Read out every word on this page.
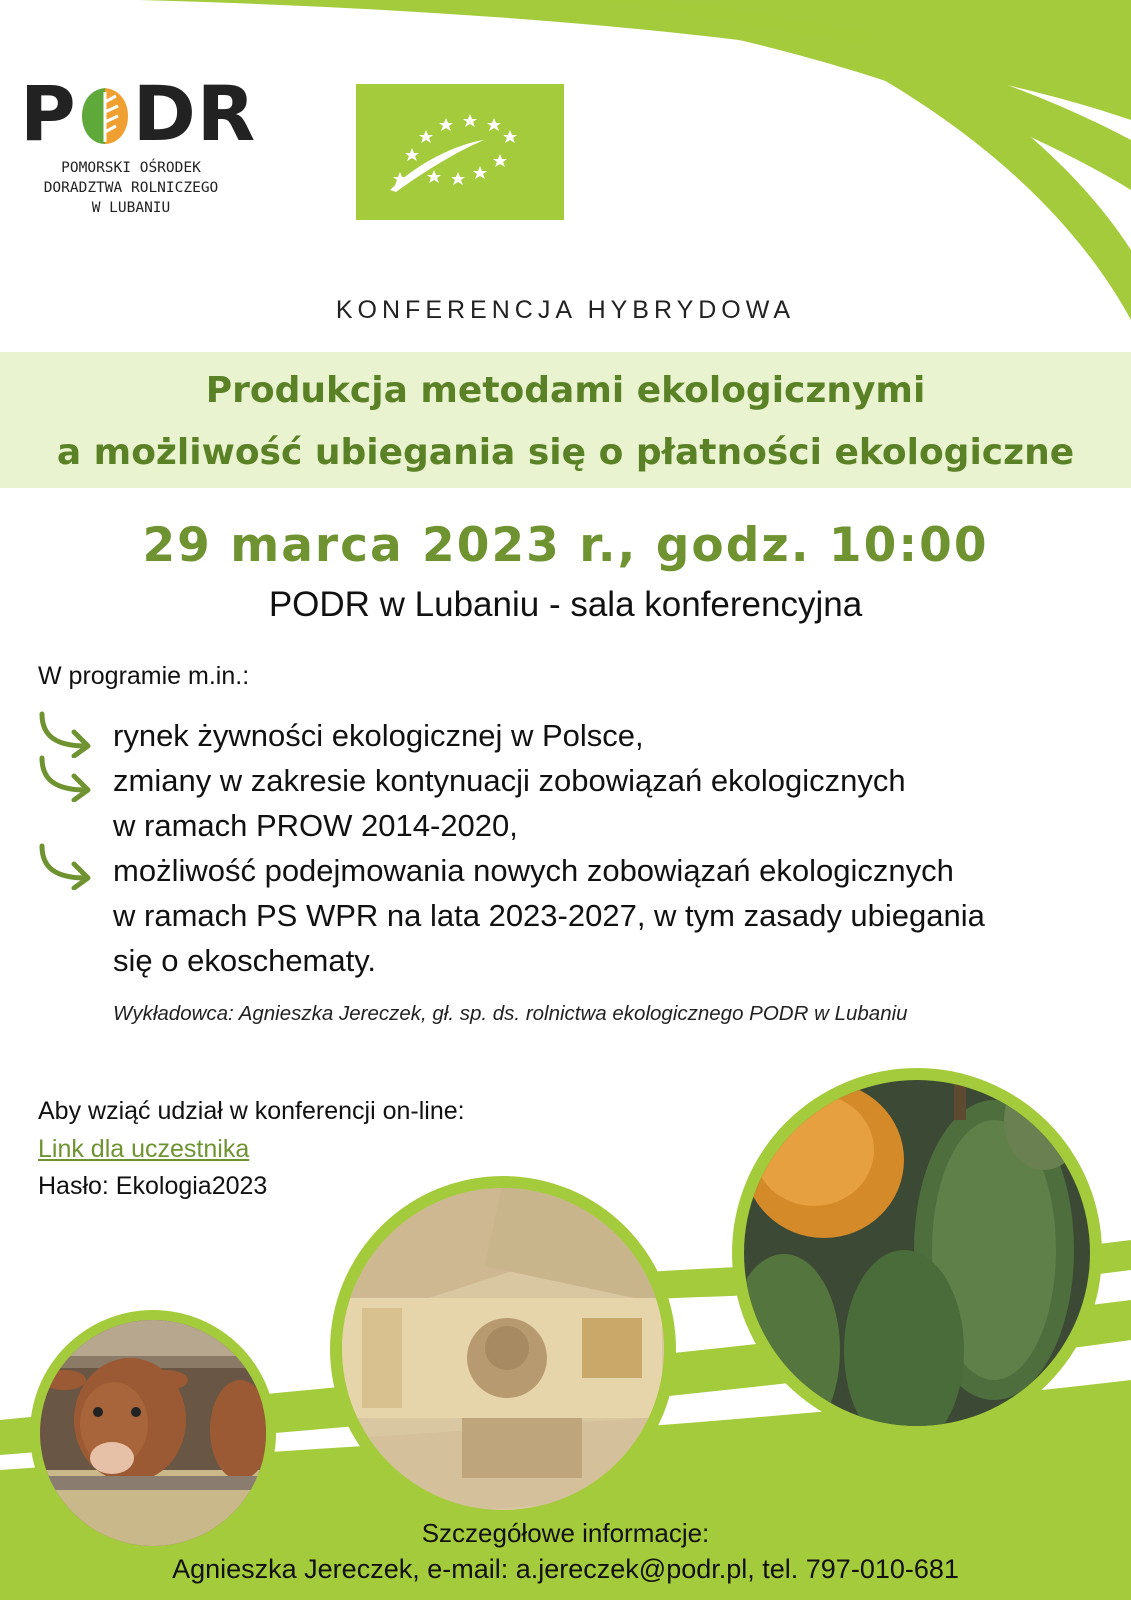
P DR
POMORSKI OŚRODEK
DORADZTWA ROLNICZEGO
W LUBANIU
KONFERENCJA HYBRYDOWA
Produkcja metodami ekologicznymi
a możliwość ubiegania się o płatności ekologiczne
29 marca 2023 r., godz. 10:00
PODR w Lubaniu - sala konferencyjna
W programie m.in.:
rynek żywności ekologicznej w Polsce,
zmiany w zakresie kontynuacji zobowiązań ekologicznych
w ramach PROW 2014-2020,
możliwość podejmowania nowych zobowiązań ekologicznych
w ramach PS WPR na lata 2023-2027, w tym zasady ubiegania
się o ekoschematy.
Wykładowca: Agnieszka Jereczek, gł. sp. ds. rolnictwa ekologicznego PODR w Lubaniu
Aby wziąć udział w konferencji on-line:
Link dla uczestnika
Hasło: Ekologia2023
Szczegółowe informacje:
Agnieszka Jereczek, e-mail: a.jereczek@podr.pl, tel. 797-010-681
